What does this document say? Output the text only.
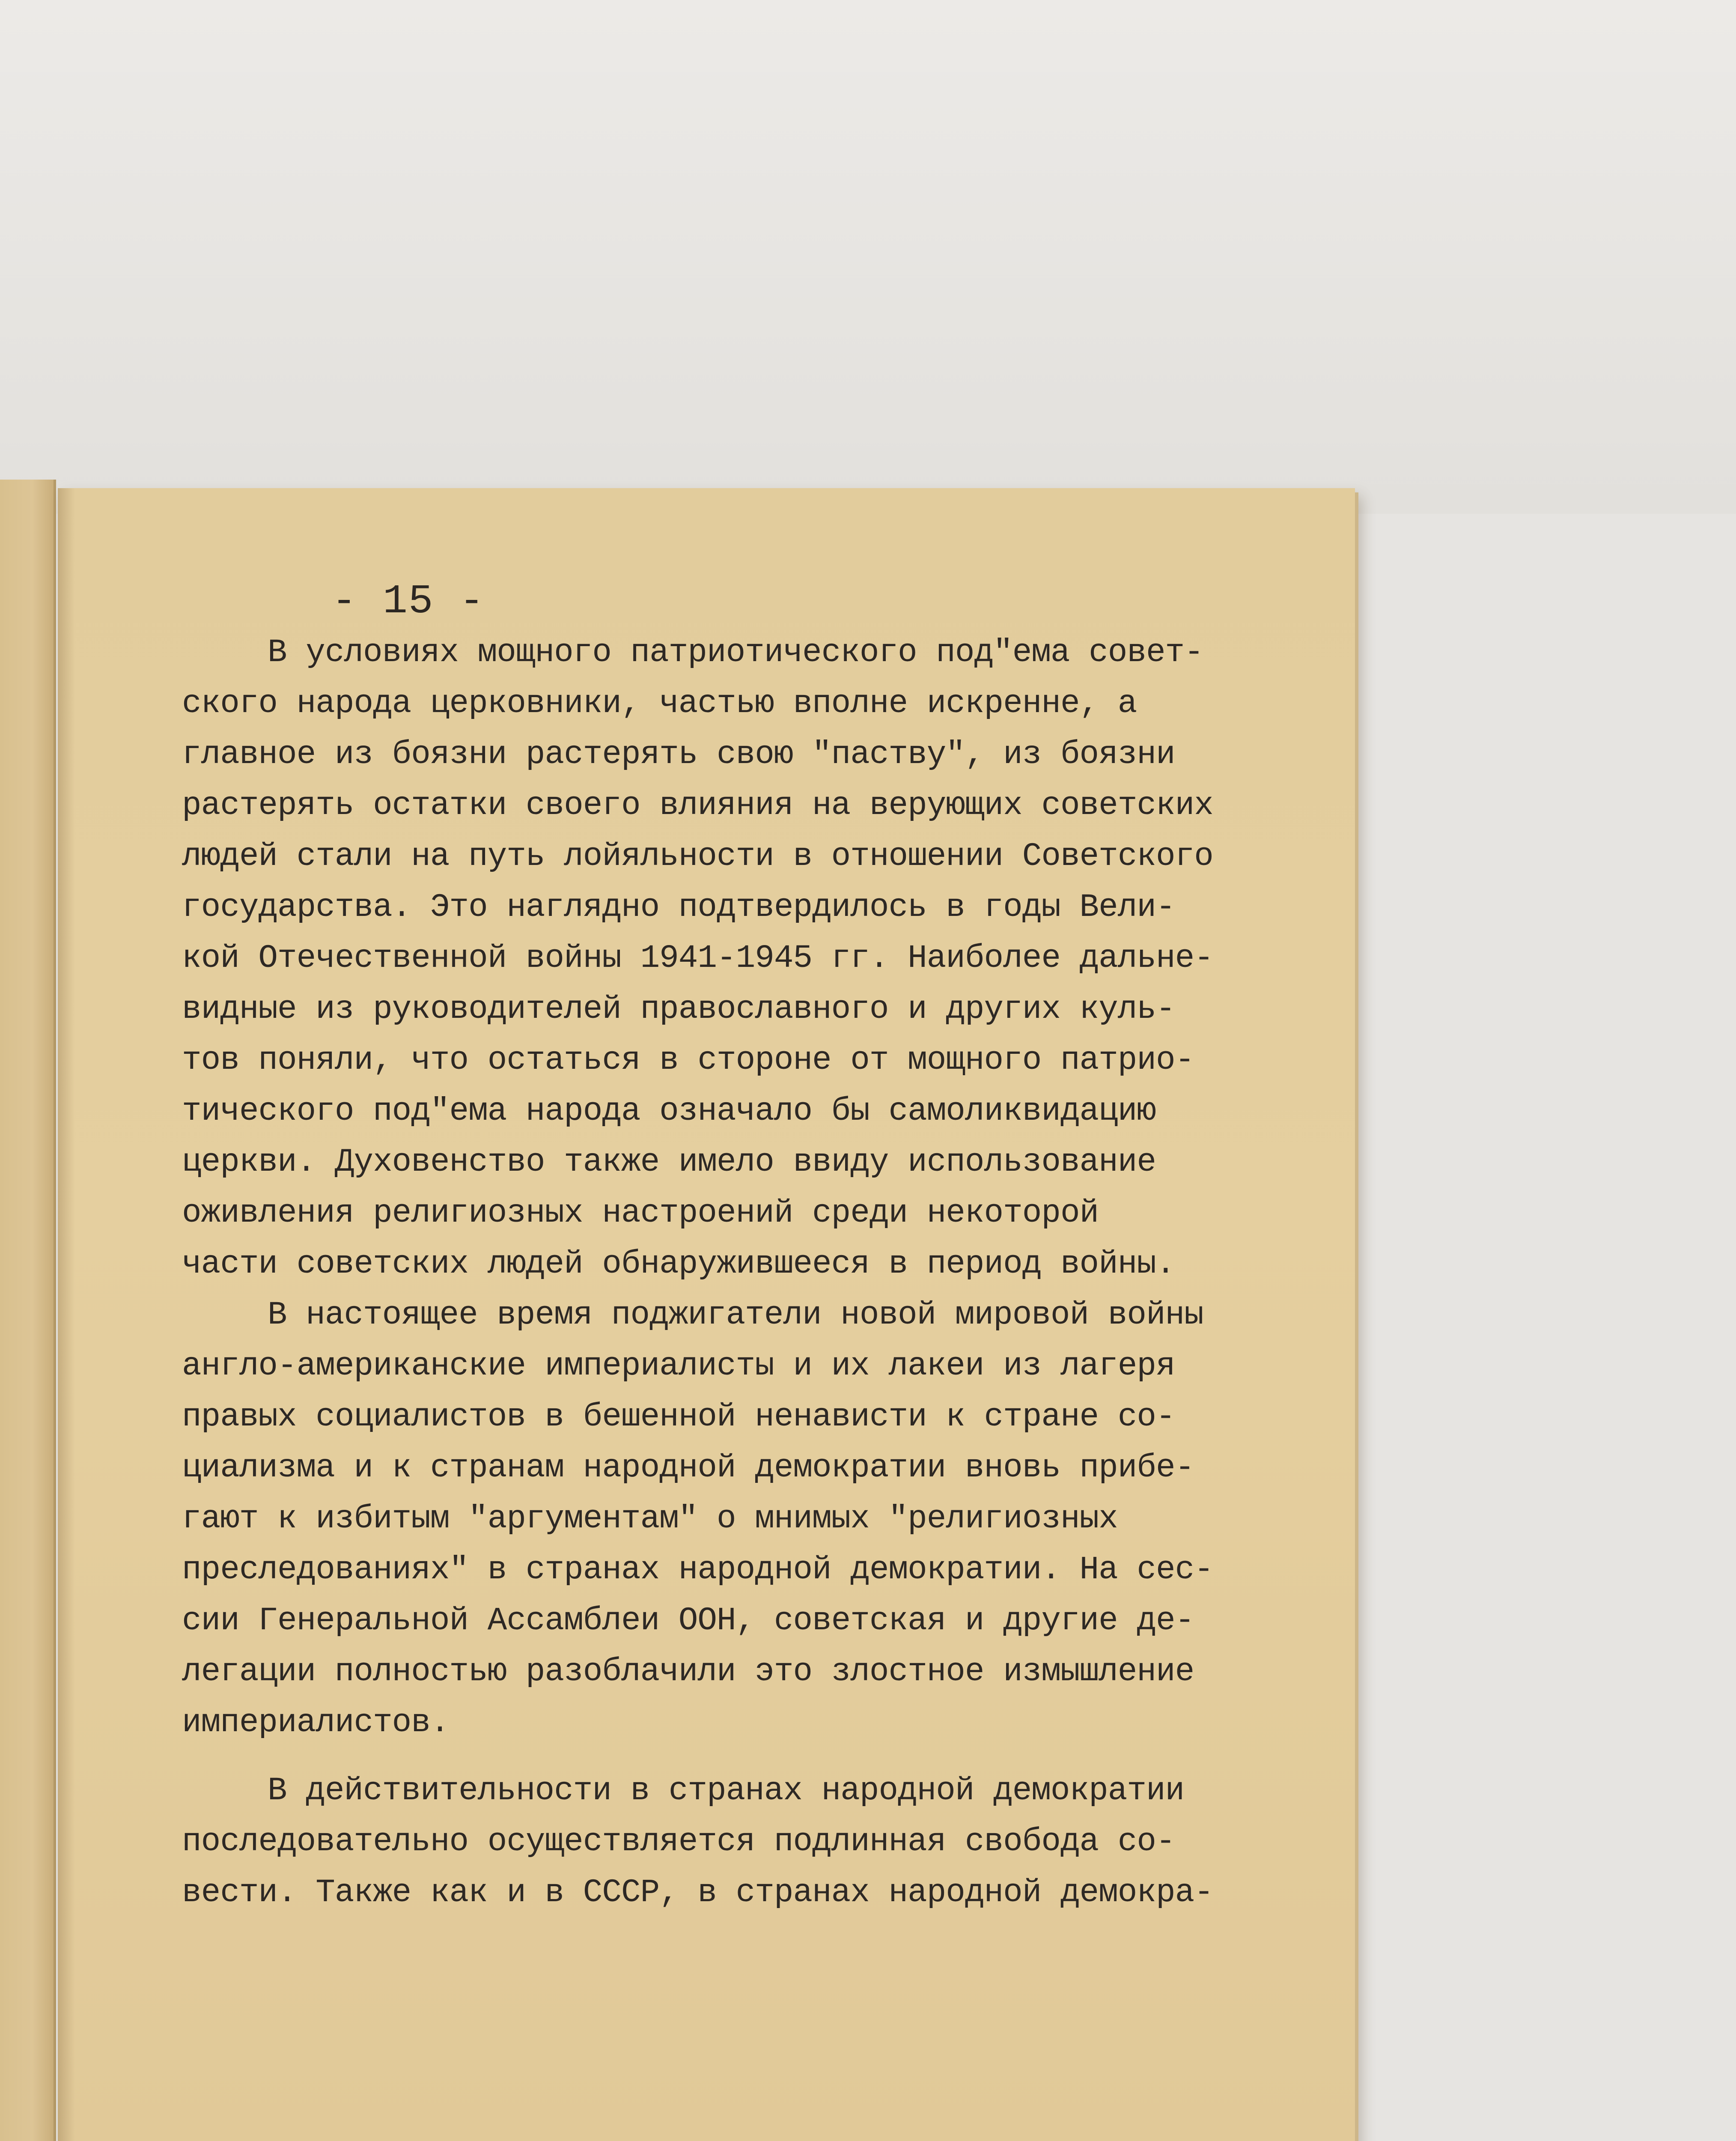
- 15 -
В условиях мощного патриотического под"ема совет-
ского народа церковники, частью вполне искренне, а
главное из боязни растерять свою "паству", из боязни
растерять остатки своего влияния на верующих советских
людей стали на путь лойяльности в отношении Советского
государства. Это наглядно подтвердилось в годы Вели-
кой Отечественной войны 1941-1945 гг. Наиболее дальне-
видные из руководителей православного и других куль-
тов поняли, что остаться в стороне от мощного патрио-
тического под"ема народа означало бы самоликвидацию
церкви. Духовенство также имело ввиду использование
оживления религиозных настроений среди некоторой
части советских людей обнаружившееся в период войны.
В настоящее время поджигатели новой мировой войны
англо-американские империалисты и их лакеи из лагеря
правых социалистов в бешенной ненависти к стране со-
циализма и к странам народной демократии вновь прибе-
гают к избитым "аргументам" о мнимых "религиозных
преследованиях" в странах народной демократии. На сес-
сии Генеральной Ассамблеи ООН, советская и другие де-
легации полностью разоблачили это злостное измышление
империалистов.
В действительности в странах народной демократии
последовательно осуществляется подлинная свобода со-
вести. Также как и в СССР, в странах народной демокра-
